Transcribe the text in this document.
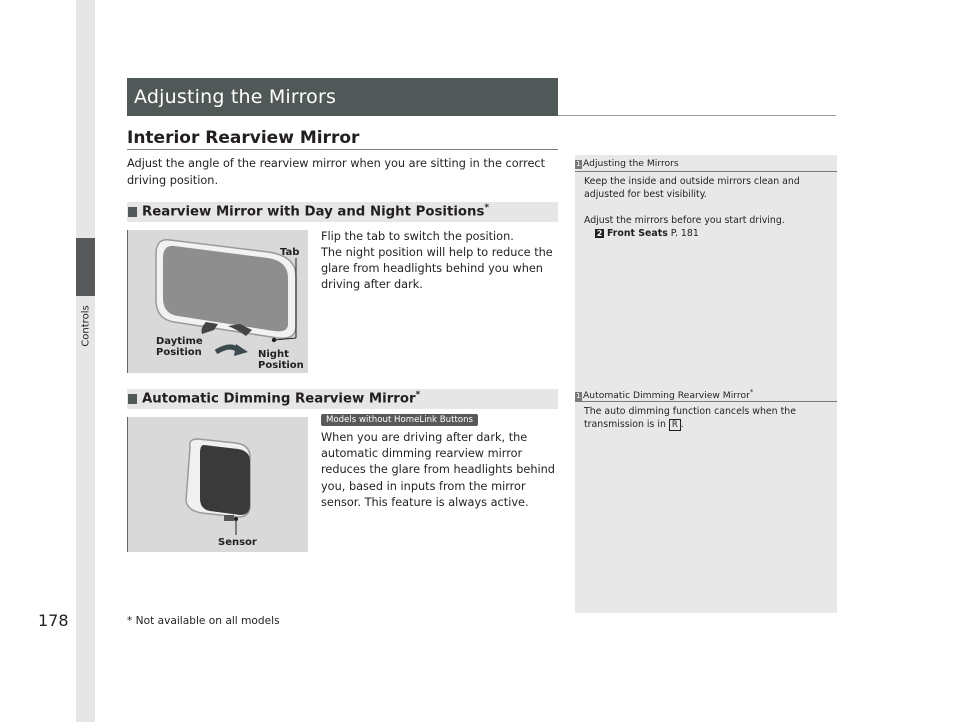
Controls
178
Adjusting the Mirrors
Interior Rearview Mirror
Adjust the angle of the rearview mirror when you are sitting in the correct driving position.
Rearview Mirror with Day and Night Positions*
Tab
Daytime
Position	Night
Position
Flip the tab to switch the position.
The night position will help to reduce the glare from headlights behind you when driving after dark.
Automatic Dimming Rearview Mirror*
Models without HomeLink Buttons
Sensor
When you are driving after dark, the automatic dimming rearview mirror reduces the glare from headlights behind you, based in inputs from the mirror sensor. This feature is always active.
1 Adjusting the Mirrors
Keep the inside and outside mirrors clean and adjusted for best visibility.
Adjust the mirrors before you start driving.
2 Front Seats P. 181
1 Automatic Dimming Rearview Mirror*
The auto dimming function cancels when the transmission is in R .
* Not available on all models
